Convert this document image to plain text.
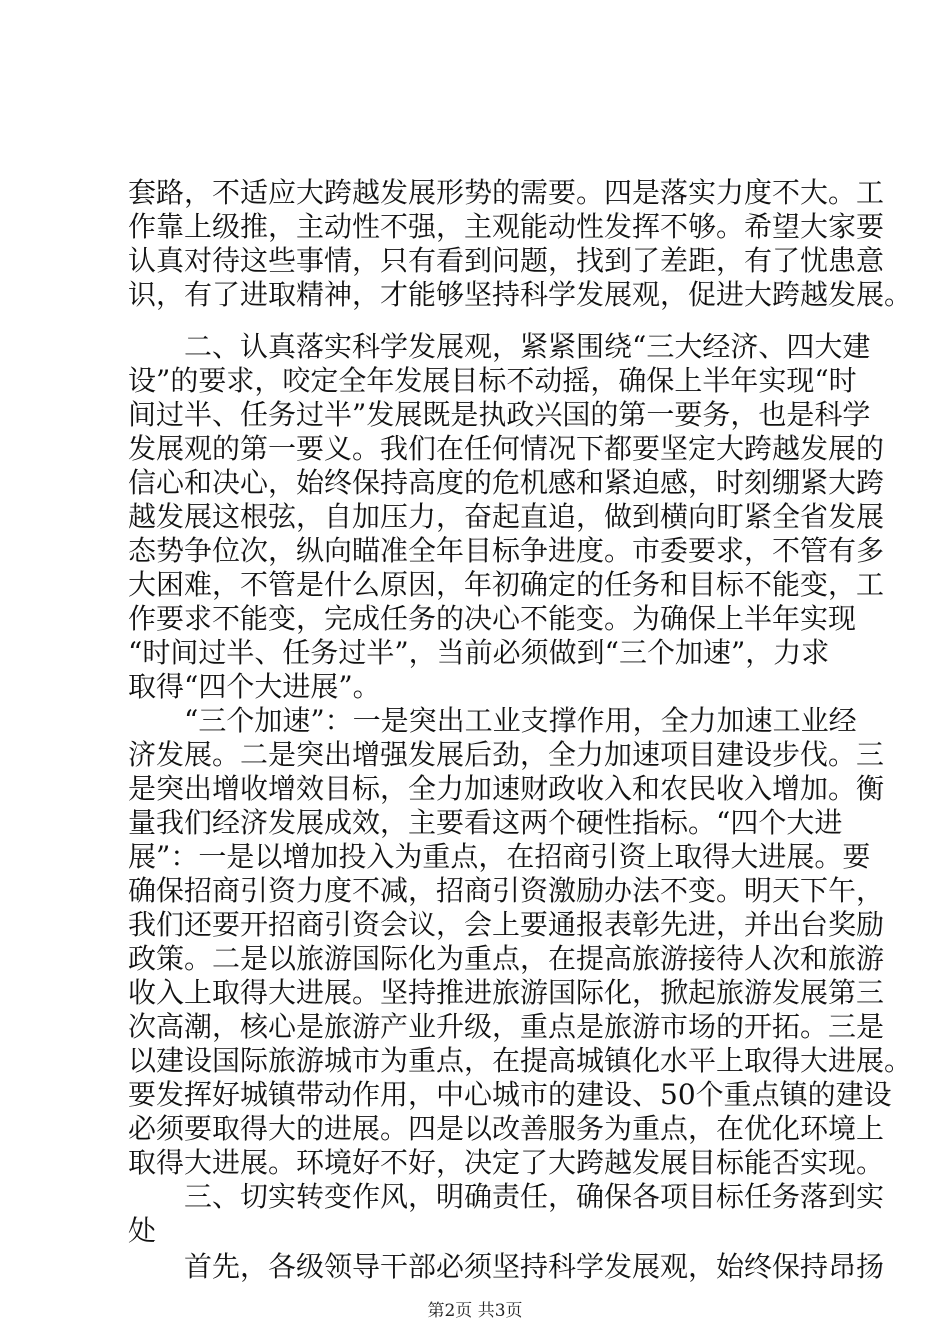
套路，不适应大跨越发展形势的需要。四是落实力度不大。工
作靠上级推，主动性不强，主观能动性发挥不够。希望大家要
认真对待这些事情，只有看到问题，找到了差距，有了忧患意
识，有了进取精神，才能够坚持科学发展观，促进大跨越发展。
二、认真落实科学发展观，紧紧围绕“三大经济、四大建
设”的要求，咬定全年发展目标不动摇，确保上半年实现“时
间过半、任务过半”发展既是执政兴国的第一要务，也是科学
发展观的第一要义。我们在任何情况下都要坚定大跨越发展的
信心和决心，始终保持高度的危机感和紧迫感，时刻绷紧大跨
越发展这根弦，自加压力，奋起直追，做到横向盯紧全省发展
态势争位次，纵向瞄准全年目标争进度。市委要求，不管有多
大困难，不管是什么原因，年初确定的任务和目标不能变，工
作要求不能变，完成任务的决心不能变。为确保上半年实现
“时间过半、任务过半”，当前必须做到“三个加速”，力求
取得“四个大进展”。
“三个加速”：一是突出工业支撑作用，全力加速工业经
济发展。二是突出增强发展后劲，全力加速项目建设步伐。三
是突出增收增效目标，全力加速财政收入和农民收入增加。衡
量我们经济发展成效，主要看这两个硬性指标。“四个大进
展”：一是以增加投入为重点，在招商引资上取得大进展。要
确保招商引资力度不减，招商引资激励办法不变。明天下午，
我们还要开招商引资会议，会上要通报表彰先进，并出台奖励
政策。二是以旅游国际化为重点，在提高旅游接待人次和旅游
收入上取得大进展。坚持推进旅游国际化，掀起旅游发展第三
次高潮，核心是旅游产业升级，重点是旅游市场的开拓。三是
以建设国际旅游城市为重点，在提高城镇化水平上取得大进展。
要发挥好城镇带动作用，中心城市的建设、50个重点镇的建设
必须要取得大的进展。四是以改善服务为重点，在优化环境上
取得大进展。环境好不好，决定了大跨越发展目标能否实现。
三、切实转变作风，明确责任，确保各项目标任务落到实
处
首先，各级领导干部必须坚持科学发展观，始终保持昂扬
第2页 共3页
